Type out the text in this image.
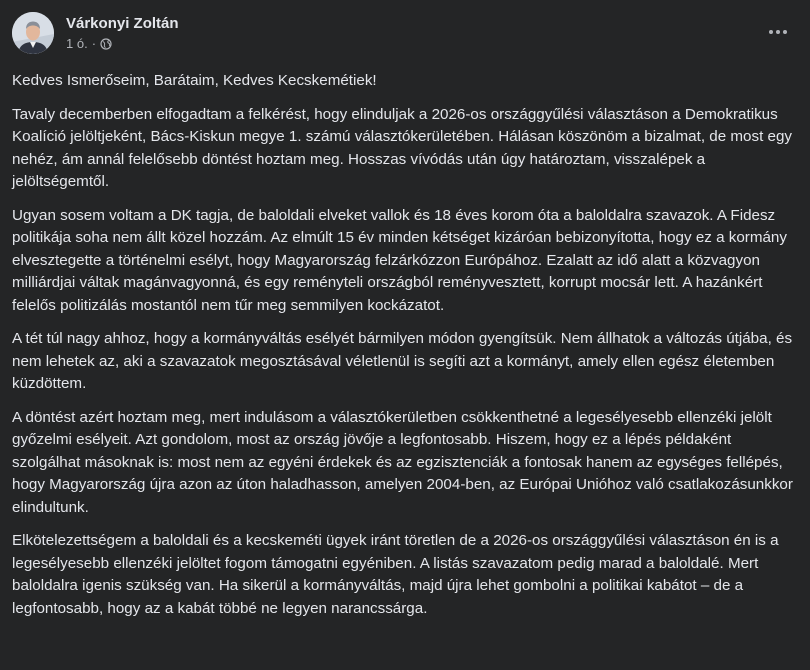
Várkonyi Zoltán
1 ó. ·

Kedves Ismerőseim, Barátaim, Kedves Kecskemétiek!

Tavaly decemberben elfogadtam a felkérést, hogy elinduljak a 2026-os országgyűlési választáson a Demokratikus Koalíció jelöltjeként, Bács-Kiskun megye 1. számú választókerületében. Hálásan köszönöm a bizalmat, de most egy nehéz, ám annál felelősebb döntést hoztam meg. Hosszas vívódás után úgy határoztam, visszalépek a jelöltségemtől.

Ugyan sosem voltam a DK tagja, de baloldali elveket vallok és 18 éves korom óta a baloldalra szavazok. A Fidesz politikája soha nem állt közel hozzám. Az elmúlt 15 év minden kétséget kizáróan bebizonyította, hogy ez a kormány elvesztegette a történelmi esélyt, hogy Magyarország felzárkózzon Európához. Ezalatt az idő alatt a közvagyon milliárdjai váltak magánvagyonná, és egy reményteli országból reményvesztett, korrupt mocsár lett. A hazánkért felelős politizálás mostantól nem tűr meg semmilyen kockázatot.

A tét túl nagy ahhoz, hogy a kormányváltás esélyét bármilyen módon gyengítsük. Nem állhatok a változás útjába, és nem lehetek az, aki a szavazatok megosztásával véletlenül is segíti azt a kormányt, amely ellen egész életemben küzdöttem.

A döntést azért hoztam meg, mert indulásom a választókerületben csökkenthetné a legesélyesebb ellenzéki jelölt győzelmi esélyeit. Azt gondolom, most az ország jövője a legfontosabb. Hiszem, hogy ez a lépés példaként szolgálhat másoknak is: most nem az egyéni érdekek és az egzisztenciák a fontosak hanem az egységes fellépés, hogy Magyarország újra azon az úton haladhasson, amelyen 2004-ben, az Európai Unióhoz való csatlakozásunkkor elindultunk.

Elkötelezettségem a baloldali és a kecskeméti ügyek iránt töretlen de a 2026-os országgyűlési választáson én is a legesélyesebb ellenzéki jelöltet fogom támogatni egyéniben. A listás szavazatom pedig marad a baloldalé. Mert baloldalra igenis szükség van. Ha sikerül a kormányváltás, majd újra lehet gombolni a politikai kabátot – de a legfontosabb, hogy az a kabát többé ne legyen narancssárga.
